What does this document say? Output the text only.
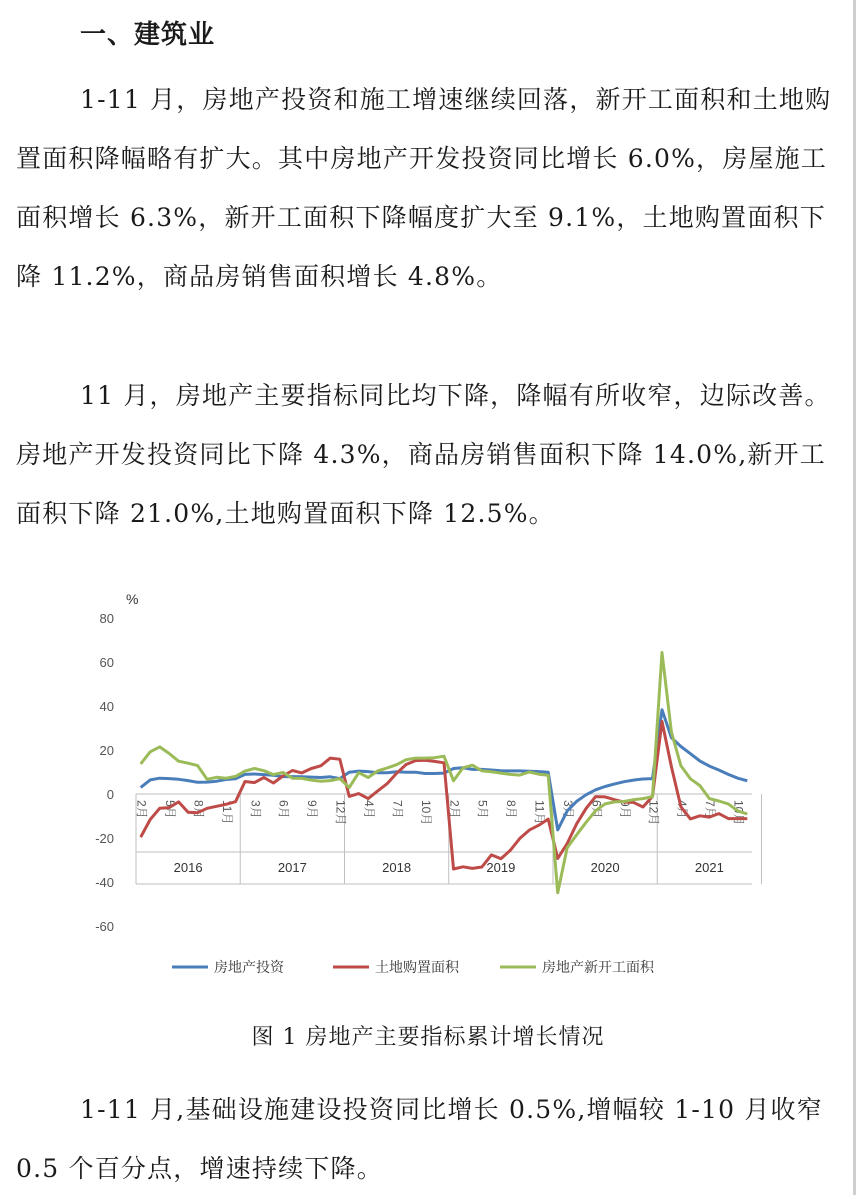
一、建筑业

1-11 月，房地产投资和施工增速继续回落，新开工面积和土地购置面积降幅略有扩大。其中房地产开发投资同比增长 6.0%，房屋施工面积增长 6.3%，新开工面积下降幅度扩大至 9.1%，土地购置面积下降 11.2%，商品房销售面积增长 4.8%。

11 月，房地产主要指标同比均下降，降幅有所收窄，边际改善。房地产开发投资同比下降 4.3%，商品房销售面积下降 14.0%,新开工面积下降 21.0%,土地购置面积下降 12.5%。

%
80
60
40
20
0
-20
-40
-60
2016	2017	2018	2019	2020	2021
2月 5月 8月 11月 3月 6月 9月 12月 4月 7月 10月 2月 5月 8月 11月 3月 6月 9月 12月 4月 7月 10月
房地产投资	土地购置面积	房地产新开工面积
图 1 房地产主要指标累计增长情况

1-11 月,基础设施建设投资同比增长 0.5%,增幅较 1-10 月收窄 0.5 个百分点，增速持续下降。
